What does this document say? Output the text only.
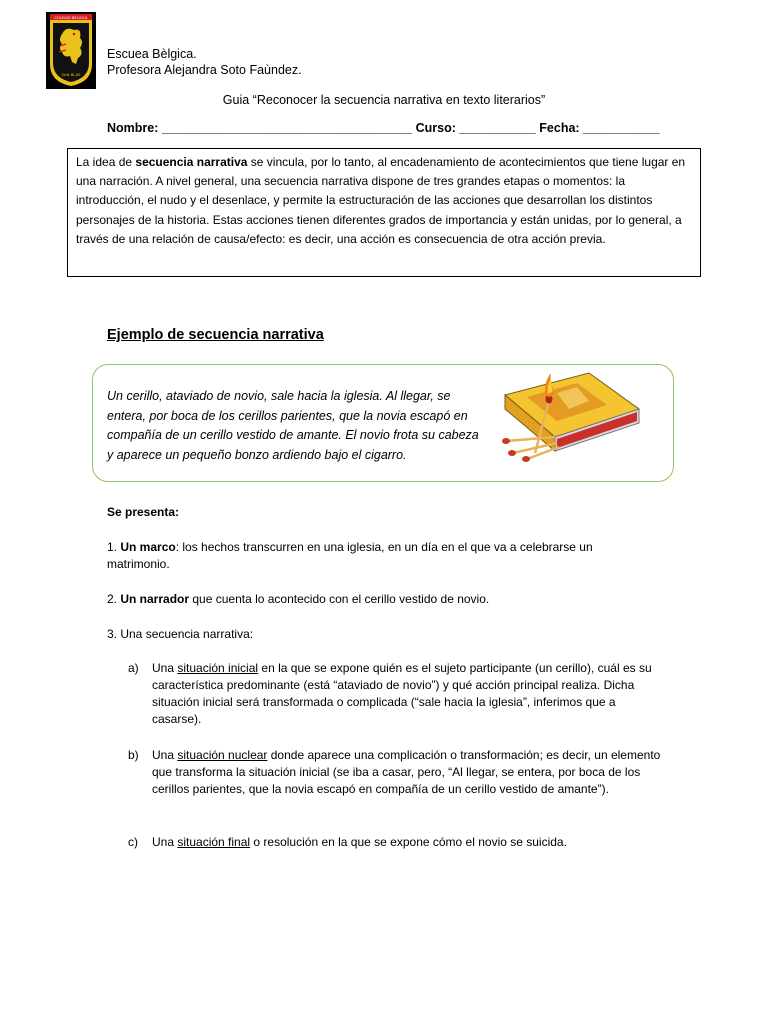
COLEGIO BELGICA
SAN BLAS
Escuea Bèlgica.
Profesora Alejandra Soto Faùndez.
Guia “Reconocer la secuencia narrativa en texto literarios”
Nombre: ____________________________________ Curso: ___________ Fecha: ___________
La idea de secuencia narrativa se vincula, por lo tanto, al encadenamiento de acontecimientos que tiene lugar en una narración. A nivel general, una secuencia narrativa dispone de tres grandes etapas o momentos: la introducción, el nudo y el desenlace, y permite la estructuración de las acciones que desarrollan los distintos personajes de la historia. Estas acciones tienen diferentes grados de importancia y están unidas, por lo general, a través de una relación de causa/efecto: es decir, una acción es consecuencia de otra acción previa.
Ejemplo de secuencia narrativa
Un cerillo, ataviado de novio, sale hacia la iglesia. Al llegar, se entera, por boca de los cerillos parientes, que la novia escapó en compañía de un cerillo vestido de amante. El novio frota su cabeza y aparece un pequeño bonzo ardiendo bajo el cigarro.
Se presenta:
1. Un marco: los hechos transcurren en una iglesia, en un día en el que va a celebrarse un matrimonio.
2. Un narrador que cuenta lo acontecido con el cerillo vestido de novio.
3. Una secuencia narrativa:
a) Una situación inicial en la que se expone quién es el sujeto participante (un cerillo), cuál es su característica predominante (está “ataviado de novio”) y qué acción principal realiza. Dicha situación inicial será transformada o complicada (“sale hacia la iglesia”, inferimos que a casarse).
b) Una situación nuclear donde aparece una complicación o transformación; es decir, un elemento que transforma la situación inicial (se iba a casar, pero, “Al llegar, se entera, por boca de los cerillos parientes, que la novia escapó en compañía de un cerillo vestido de amante”).
c) Una situación final o resolución en la que se expone cómo el novio se suicida.
